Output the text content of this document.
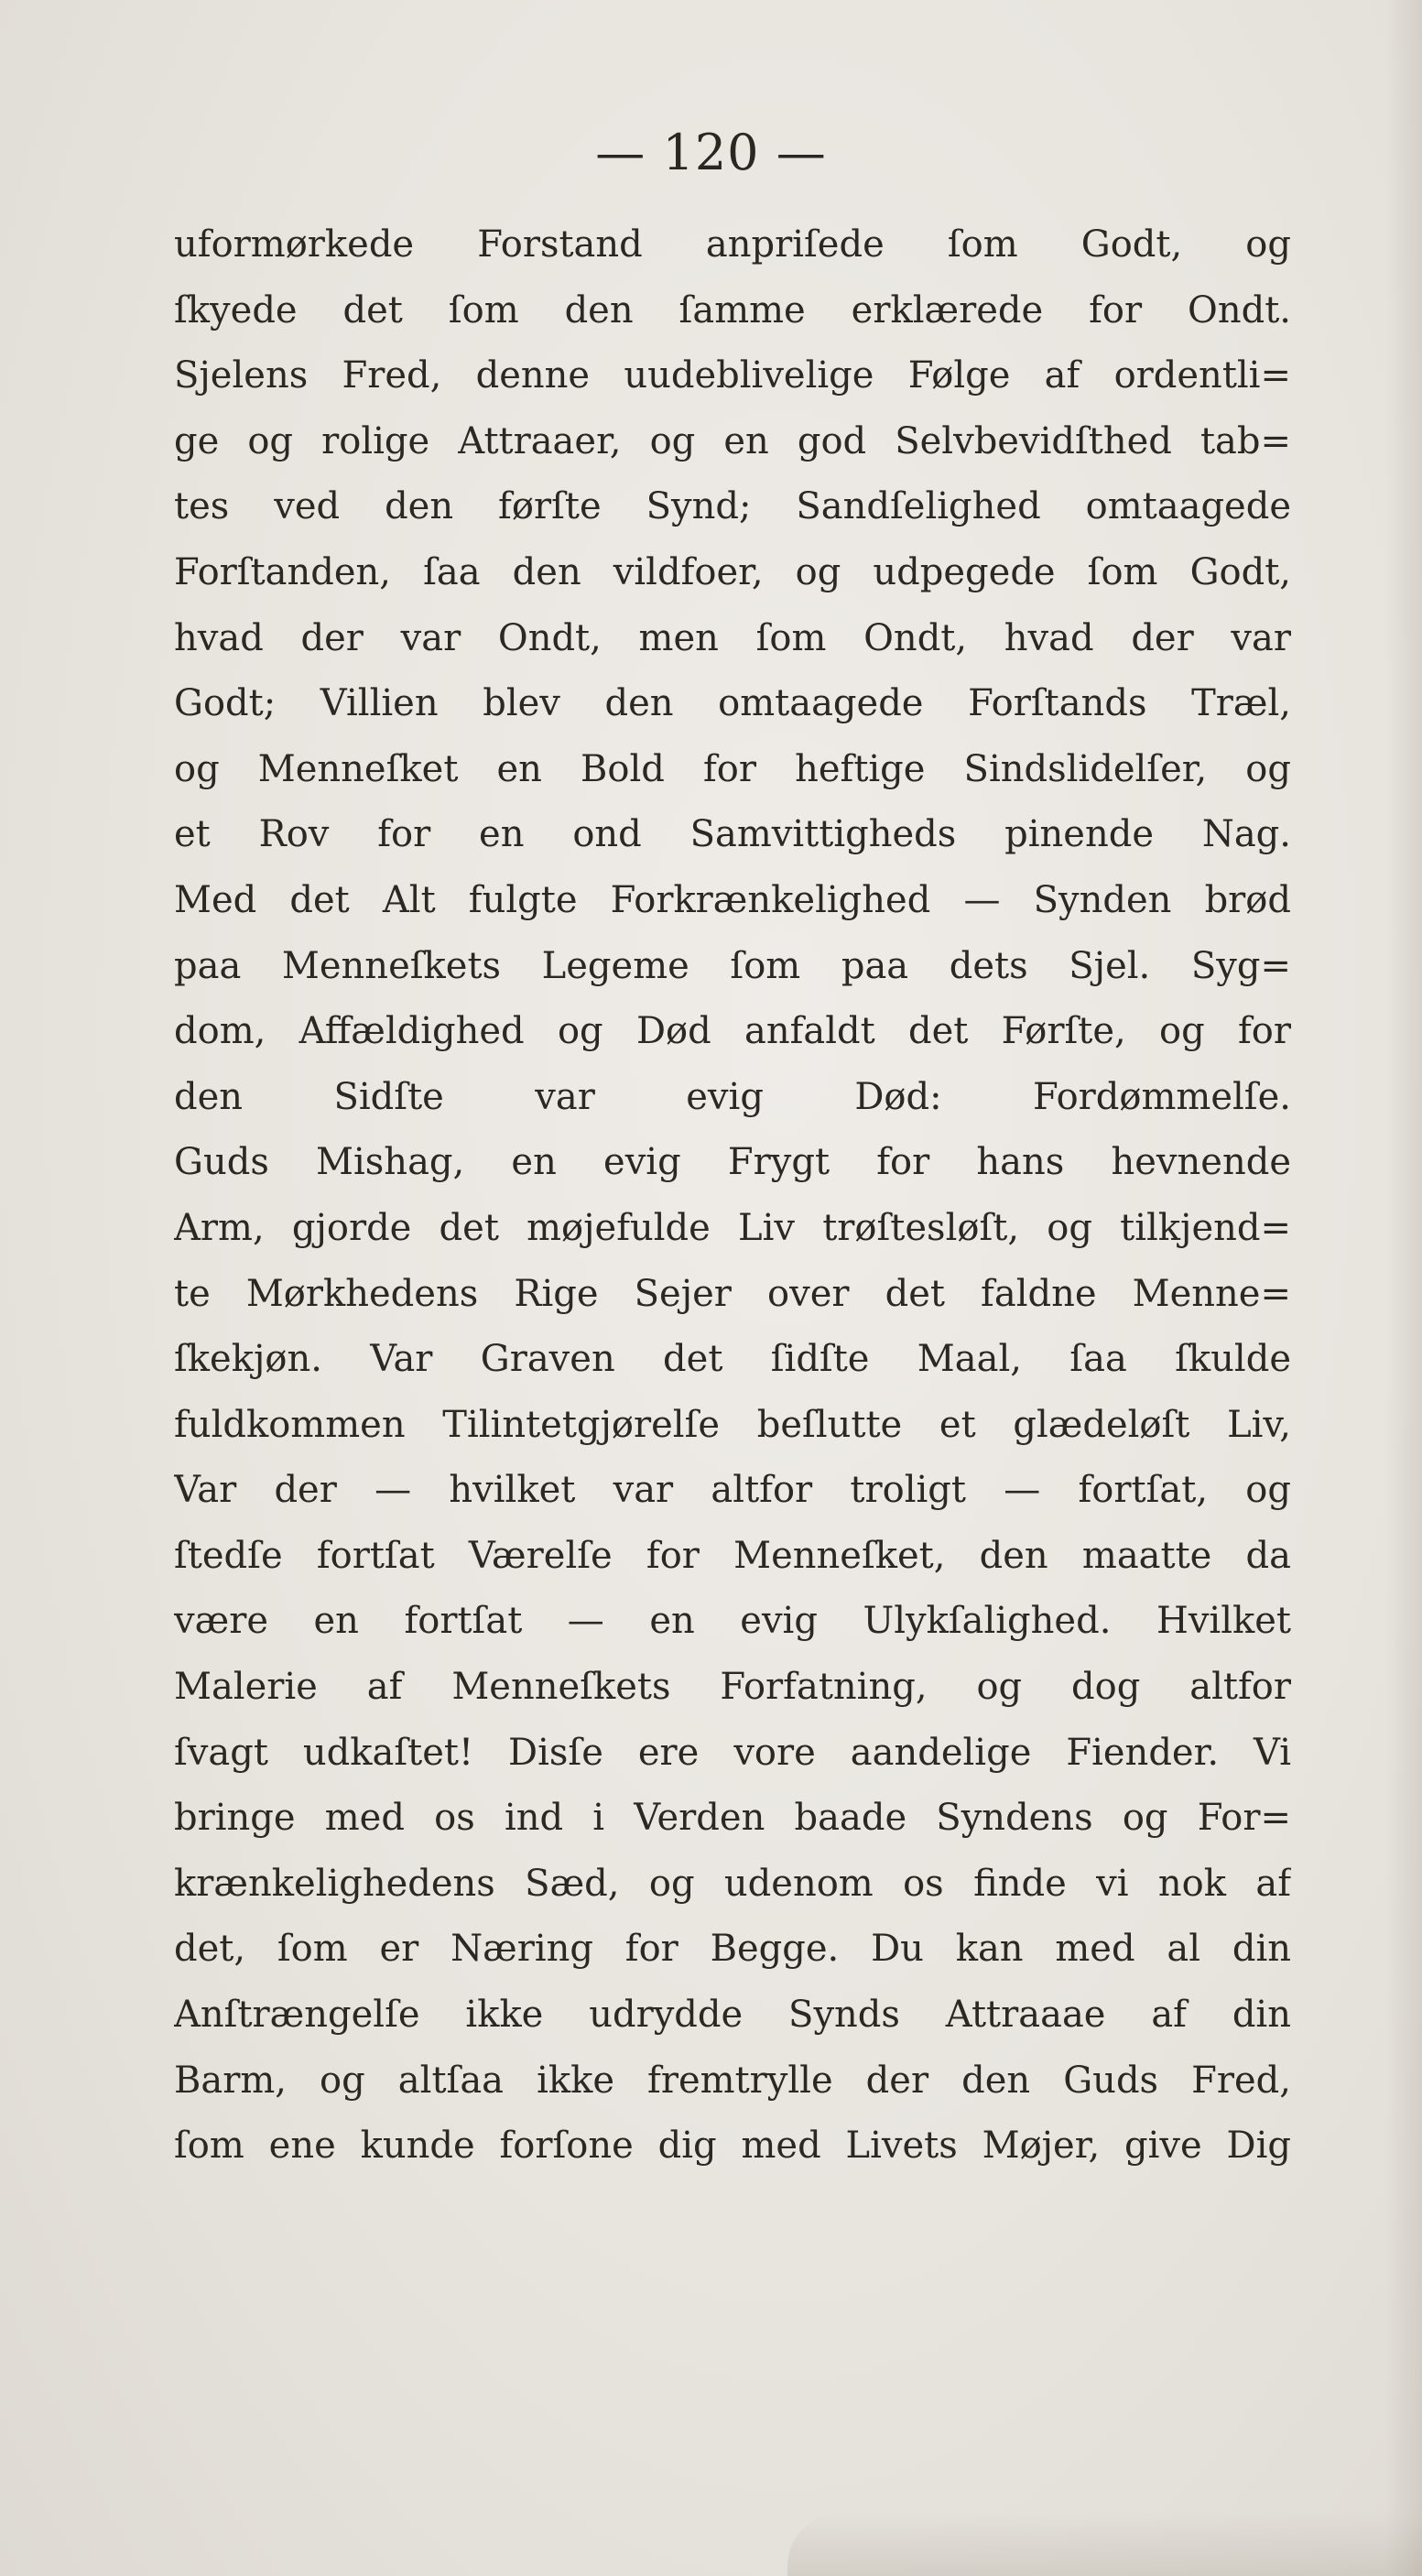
— 120 —
uformørkede Forstand anpriſede ſom Godt, og
ſkyede det ſom den ſamme erklærede for Ondt.
Sjelens Fred, denne uudeblivelige Følge af ordentli=
ge og rolige Attraaer, og en god Selvbevidſthed tab=
tes ved den førſte Synd; Sandſelighed omtaagede
Forſtanden, ſaa den vildfoer, og udpegede ſom Godt,
hvad der var Ondt, men ſom Ondt, hvad der var
Godt; Villien blev den omtaagede Forſtands Træl,
og Menneſket en Bold for heftige Sindslidelſer, og
et Rov for en ond Samvittigheds pinende Nag.
Med det Alt fulgte Forkrænkelighed — Synden brød
paa Menneſkets Legeme ſom paa dets Sjel. Syg=
dom, Affældighed og Død anfaldt det Førſte, og for
den Sidſte var evig Død: Fordømmelſe.
Guds Mishag, en evig Frygt for hans hevnende
Arm, gjorde det møjefulde Liv trøſtesløſt, og tilkjend=
te Mørkhedens Rige Sejer over det faldne Menne=
ſkekjøn. Var Graven det ſidſte Maal, ſaa ſkulde
fuldkommen Tilintetgjørelſe beſlutte et glædeløſt Liv,
Var der — hvilket var altfor troligt — fortſat, og
ſtedſe fortſat Værelſe for Menneſket, den maatte da
være en fortſat — en evig Ulykſalighed. Hvilket
Malerie af Menneſkets Forfatning, og dog altfor
ſvagt udkaſtet! Disſe ere vore aandelige Fiender. Vi
bringe med os ind i Verden baade Syndens og For=
krænkelighedens Sæd, og udenom os finde vi nok af
det, ſom er Næring for Begge. Du kan med al din
Anſtrængelſe ikke udrydde Synds Attraaae af din
Barm, og altſaa ikke fremtrylle der den Guds Fred,
ſom ene kunde forſone dig med Livets Møjer, give Dig
